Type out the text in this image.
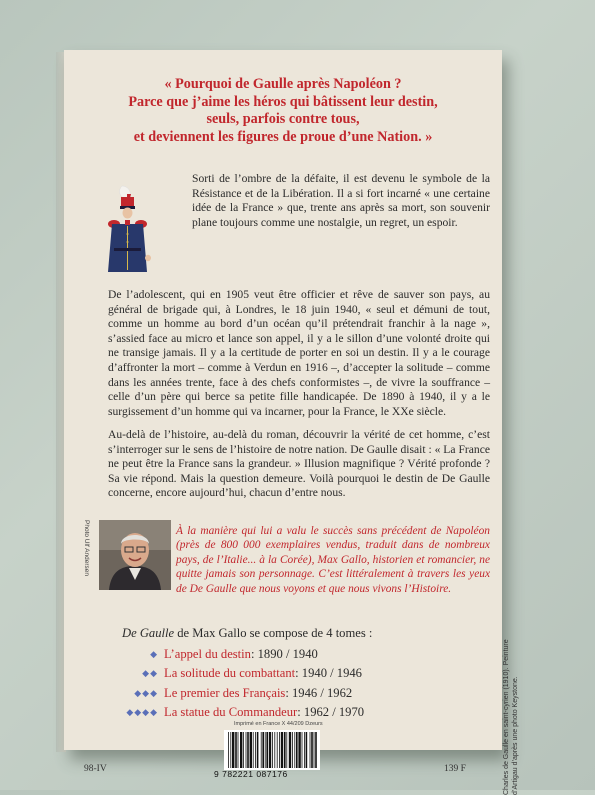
« Pourquoi de Gaulle après Napoléon ?
Parce que j’aime les héros qui bâtissent leur destin,
seuls, parfois contre tous,
et deviennent les figures de proue d’une Nation. »
Sorti de l’ombre de la défaite, il est devenu le symbole de la Résistance et de la Libération. Il a si fort incarné « une certaine idée de la France » que, trente ans après sa mort, son souvenir plane toujours comme une nostalgie, un regret, un espoir.
De l’adolescent, qui en 1905 veut être officier et rêve de sauver son pays, au général de brigade qui, à Londres, le 18 juin 1940, « seul et démuni de tout, comme un homme au bord d’un océan qu’il prétendrait franchir à la nage », s’assied face au micro et lance son appel, il y a le sillon d’une volonté droite qui ne transige jamais. Il y a la certitude de porter en soi un destin. Il y a le courage d’affronter la mort – comme à Verdun en 1916 –, d’accepter la solitude – comme dans les années trente, face à des chefs conformistes –, de vivre la souffrance – celle d’un père qui berce sa petite fille handicapée. De 1890 à 1940, il y a le surgissement d’un homme qui va incarner, pour la France, le XXe siècle.
Au-delà de l’histoire, au-delà du roman, découvrir la vérité de cet homme, c’est s’interroger sur le sens de l’histoire de notre nation. De Gaulle disait : « La France ne peut être la France sans la grandeur. » Illusion magnifique ? Vérité profonde ? Sa vie répond. Mais la question demeure. Voilà pourquoi le destin de De Gaulle concerne, encore aujourd’hui, chacun d’entre nous.
Photo Ulf Andersen	À la manière qui lui a valu le succès sans précédent de Napoléon (près de 800 000 exemplaires vendus, traduit dans de nombreux pays, de l’Italie... à la Corée), Max Gallo, historien et romancier, ne quitte jamais son personnage. C’est littéralement à travers les yeux de De Gaulle que nous voyons et que nous vivons l’Histoire.
De Gaulle de Max Gallo se compose de 4 tomes :
◆ L’appel du destin : 1890 / 1940
◆◆ La solitude du combattant : 1940 / 1946
◆◆◆ Le premier des Français : 1946 / 1962
◆◆◆◆ La statue du Commandeur : 1962 / 1970	Charles de Gaulle en saint-cyrien (1910). Peinture d’Artigau d’après une photo Keystone.
Imprimé en France X 44/209 Dzeurs
9 782221 087176
98-IV	139 F
